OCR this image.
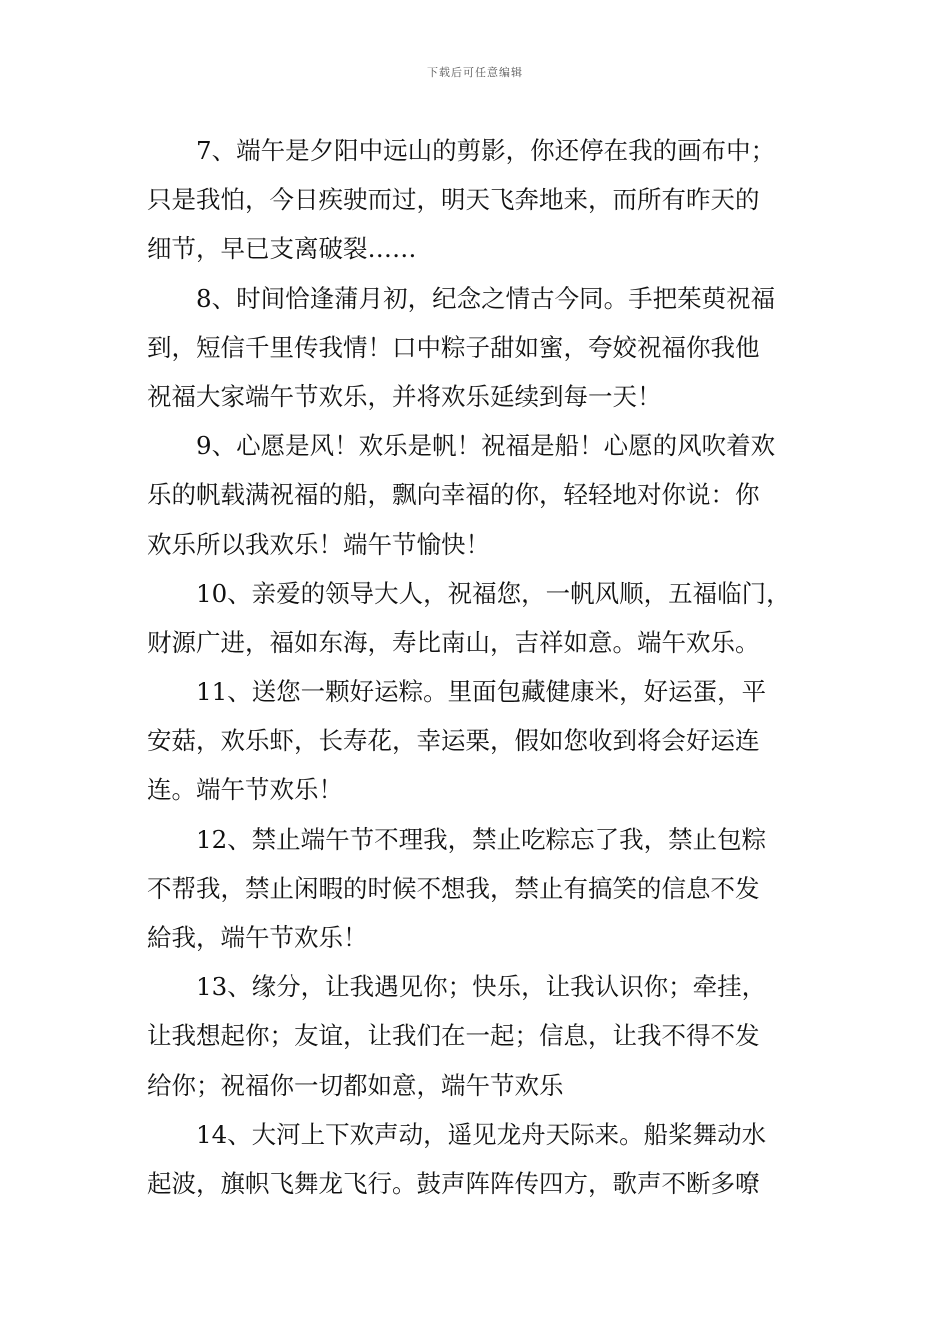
下载后可任意编辑
7、端午是夕阳中远山的剪影，你还停在我的画布中；
只是我怕，今日疾驶而过，明天飞奔地来，而所有昨天的
细节，早已支离破裂……
8、时间恰逢蒲月初，纪念之情古今同。手把茱萸祝福
到，短信千里传我情！口中粽子甜如蜜，夸姣祝福你我他
祝福大家端午节欢乐，并将欢乐延续到每一天！
9、心愿是风！欢乐是帆！祝福是船！心愿的风吹着欢
乐的帆载满祝福的船，飘向幸福的你，轻轻地对你说：你
欢乐所以我欢乐！端午节愉快！
10、亲爱的领导大人，祝福您，一帆风顺，五福临门，
财源广进，福如东海，寿比南山，吉祥如意。端午欢乐。
11、送您一颗好运粽。里面包藏健康米，好运蛋，平
安菇，欢乐虾，长寿花，幸运栗，假如您收到将会好运连
连。端午节欢乐！
12、禁止端午节不理我，禁止吃粽忘了我，禁止包粽
不帮我，禁止闲暇的时候不想我，禁止有搞笑的信息不发
給我，端午节欢乐！
13、缘分，让我遇见你；快乐，让我认识你；牵挂，
让我想起你；友谊，让我们在一起；信息，让我不得不发
给你；祝福你一切都如意，端午节欢乐
14、大河上下欢声动，遥见龙舟天际来。船桨舞动水
起波，旗帜飞舞龙飞行。鼓声阵阵传四方，歌声不断多嘹
